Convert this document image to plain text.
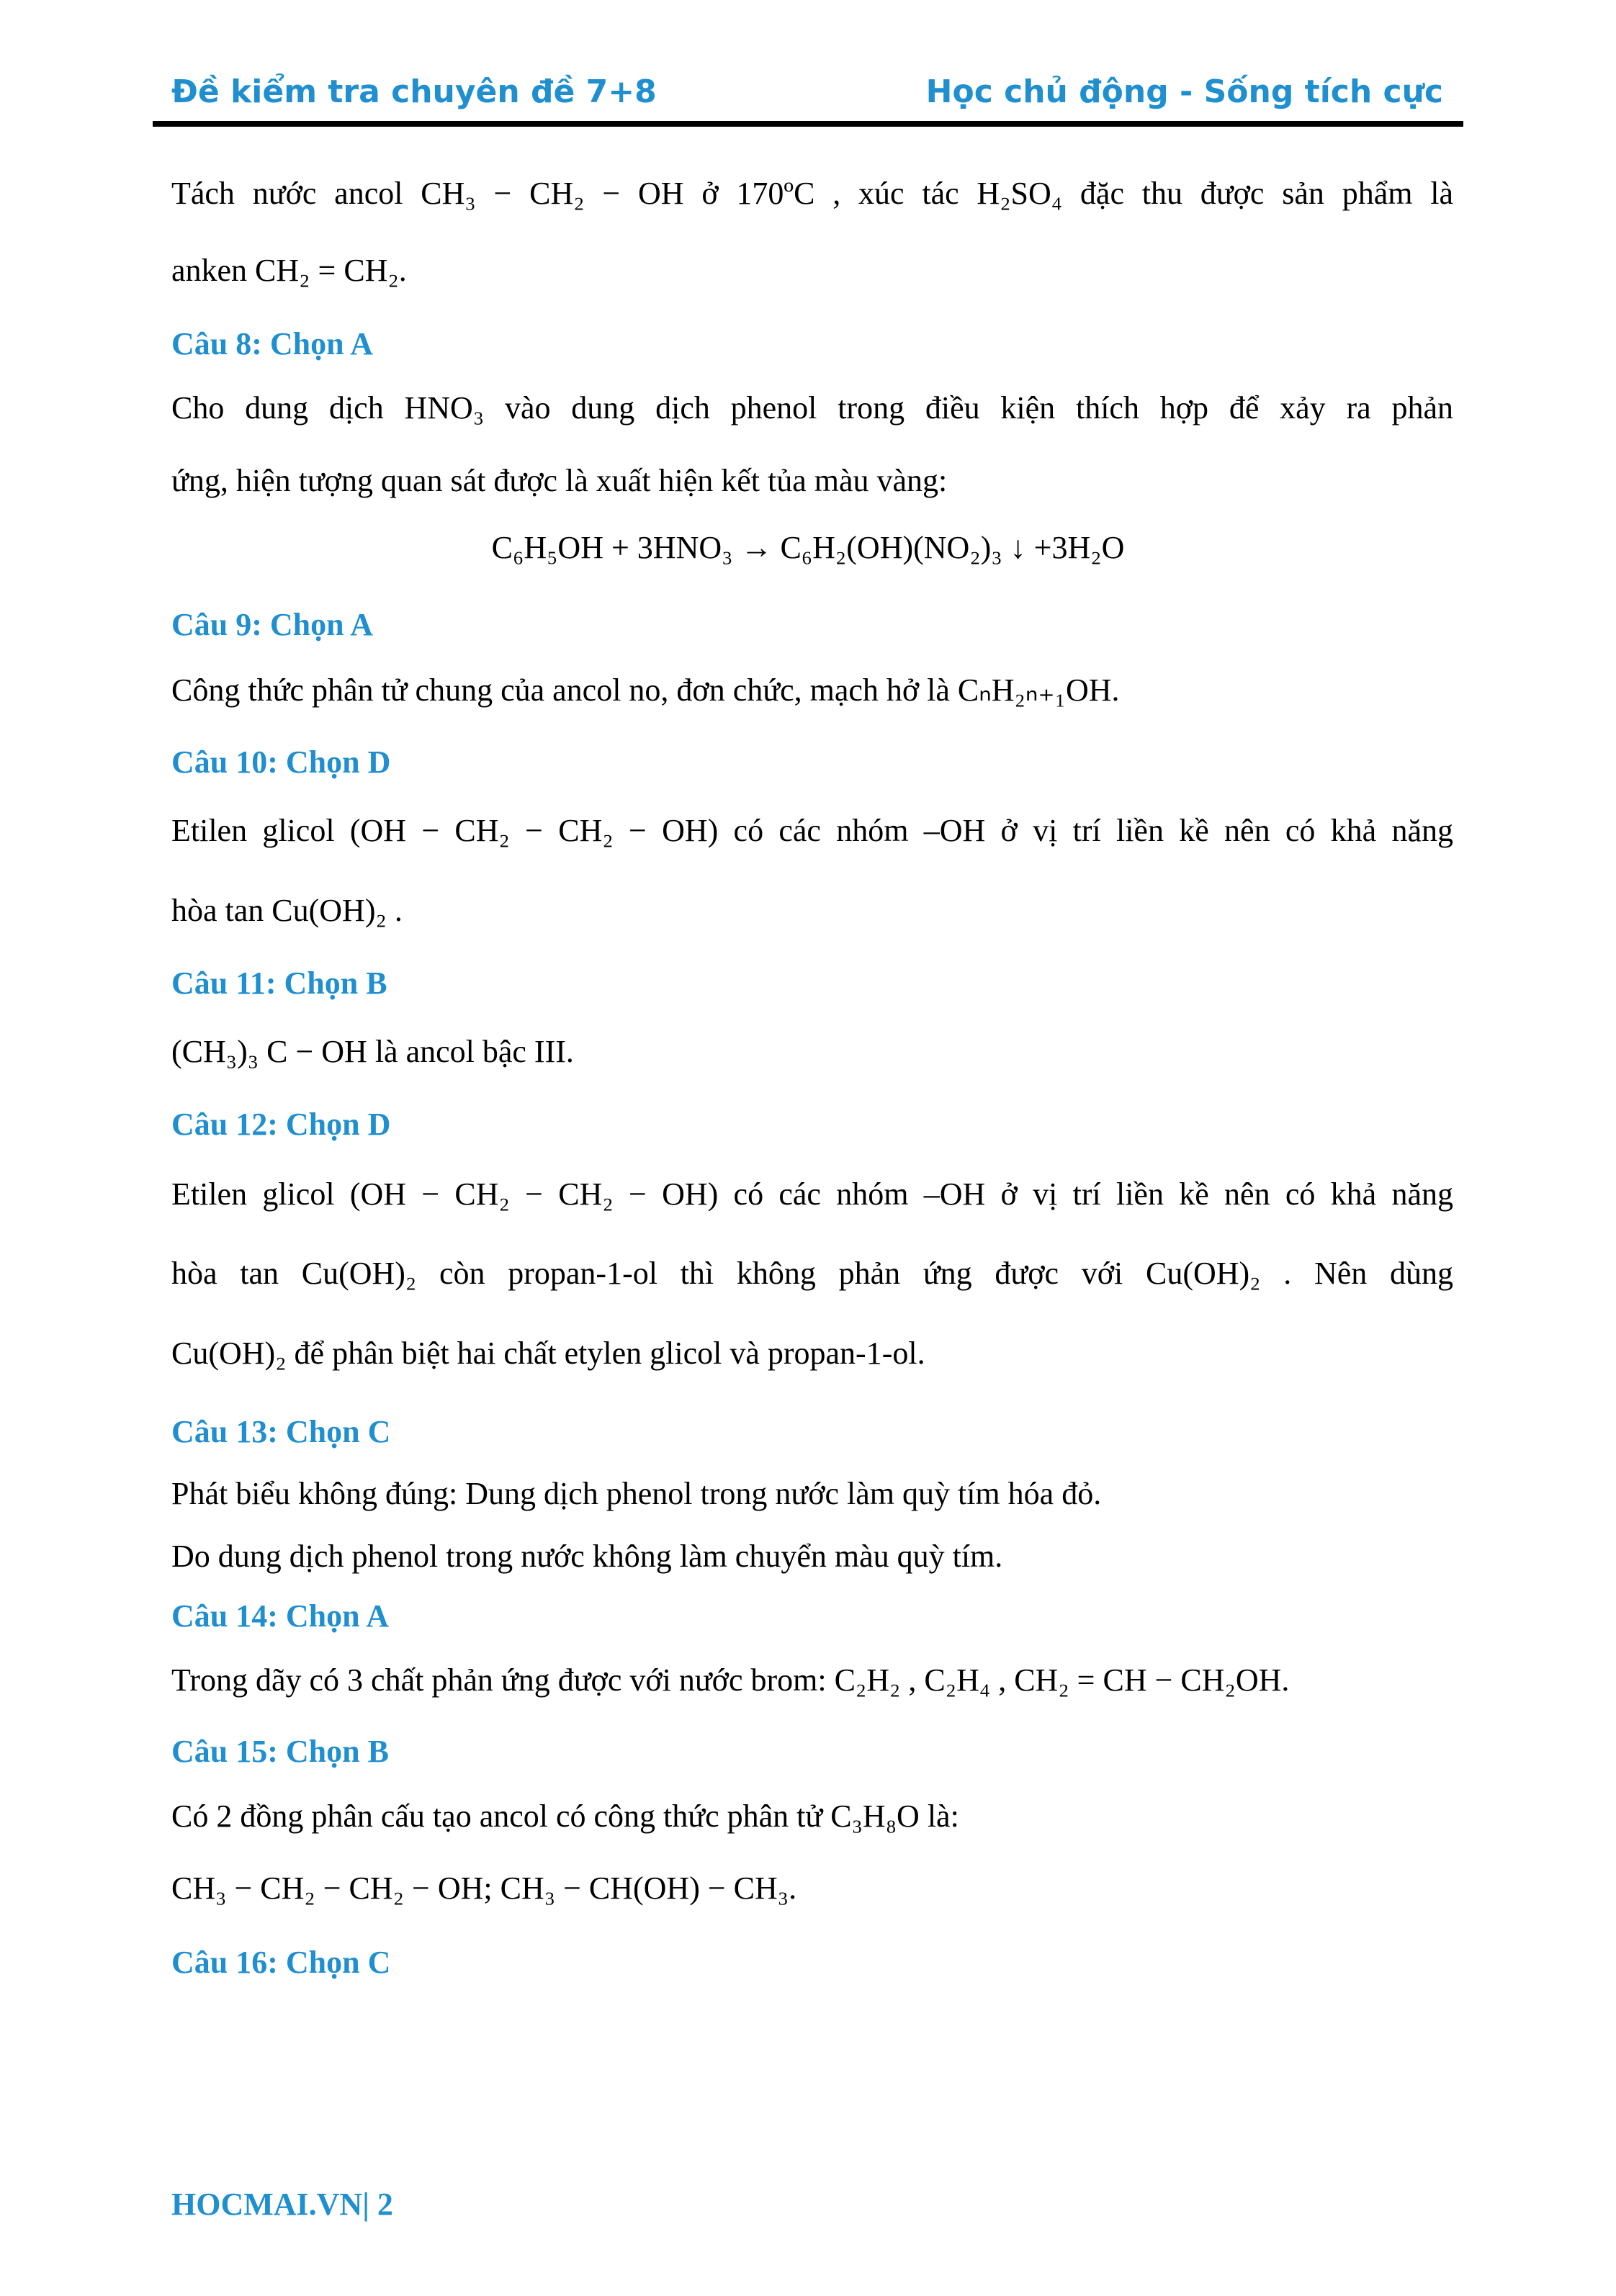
Đề kiểm tra chuyên đề 7+8	Học chủ động - Sống tích cực
Tách nước ancol CH₃ − CH₂ − OH ở 170ºC , xúc tác H₂SO₄ đặc thu được sản phẩm là
anken CH₂ = CH₂.
Câu 8: Chọn A
Cho dung dịch HNO₃ vào dung dịch phenol trong điều kiện thích hợp để xảy ra phản
ứng, hiện tượng quan sát được là xuất hiện kết tủa màu vàng:
C₆H₅OH + 3HNO₃ → C₆H₂(OH)(NO₂)₃ ↓ +3H₂O
Câu 9: Chọn A
Công thức phân tử chung của ancol no, đơn chức, mạch hở là CₙH₂ₙ₊₁OH.
Câu 10: Chọn D
Etilen glicol (OH − CH₂ − CH₂ − OH) có các nhóm –OH ở vị trí liền kề nên có khả năng
hòa tan Cu(OH)₂ .
Câu 11: Chọn B
(CH₃)₃ C − OH là ancol bậc III.
Câu 12: Chọn D
Etilen glicol (OH − CH₂ − CH₂ − OH) có các nhóm –OH ở vị trí liền kề nên có khả năng
hòa tan Cu(OH)₂ còn propan-1-ol thì không phản ứng được với Cu(OH)₂ . Nên dùng
Cu(OH)₂ để phân biệt hai chất etylen glicol và propan-1-ol.
Câu 13: Chọn C
Phát biểu không đúng: Dung dịch phenol trong nước làm quỳ tím hóa đỏ.
Do dung dịch phenol trong nước không làm chuyển màu quỳ tím.
Câu 14: Chọn A
Trong dãy có 3 chất phản ứng được với nước brom: C₂H₂ , C₂H₄ , CH₂ = CH − CH₂OH.
Câu 15: Chọn B
Có 2 đồng phân cấu tạo ancol có công thức phân tử C₃H₈O là:
CH₃ − CH₂ − CH₂ − OH; CH₃ − CH(OH) − CH₃.
Câu 16: Chọn C
HOCMAI.VN| 2
